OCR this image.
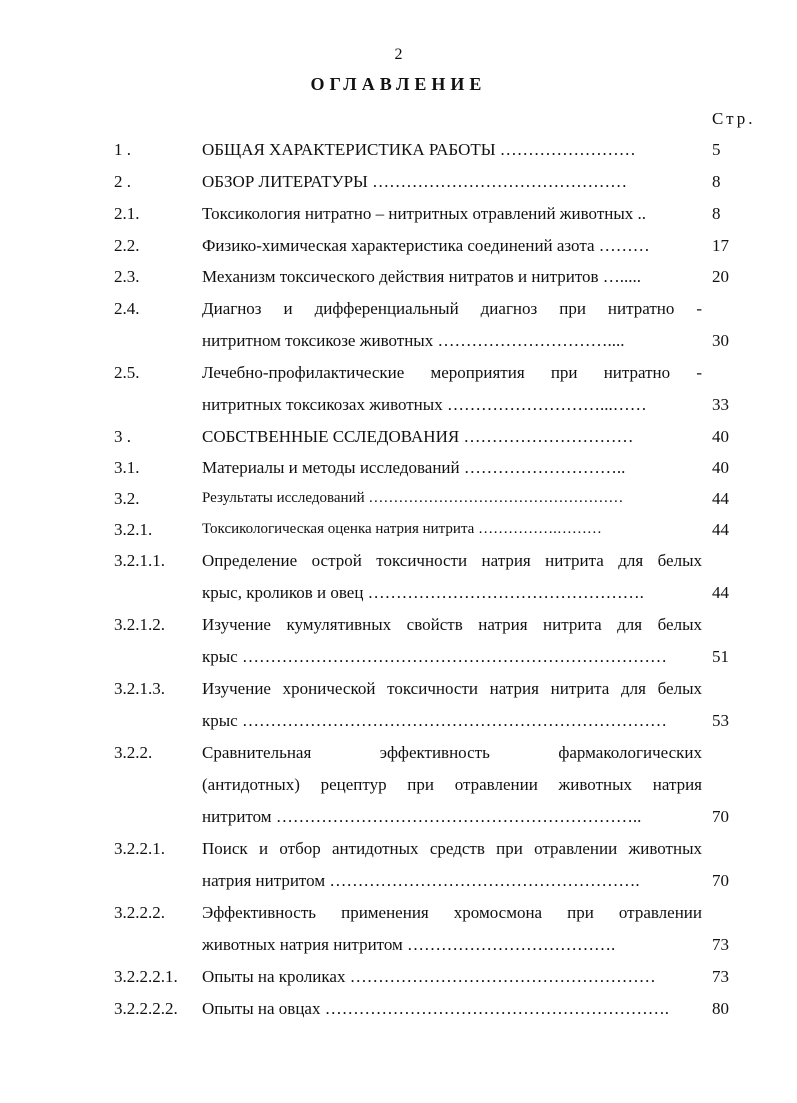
2
ОГЛАВЛЕНИЕ
Стр.
1 .	ОБЩАЯ ХАРАКТЕРИСТИКА РАБОТЫ ……………………	5
2 .	ОБЗОР ЛИТЕРАТУРЫ ………………………………………	8
2.1.	Токсикология нитратно – нитритных отравлений животных ..	8
2.2.	Физико-химическая характеристика соединений азота ………	17
2.3.	Механизм токсического действия нитратов и нитритов ….....	20
2.4.	Диагноз и дифференциальный диагноз при нитратно -
нитритном токсикозе животных …………………………....	30
2.5.	Лечебно-профилактические мероприятия при нитратно -
нитритных токсикозах животных ………………………...……	33
3 .	СОБСТВЕННЫЕ ССЛЕДОВАНИЯ …………………………	40
3.1.	Материалы и методы исследований ………………………..	40
3.2.	Результаты исследований ……………………………………………	44
3.2.1.	Токсикологическая оценка натрия нитрита …………….………	44
3.2.1.1. Определение острой токсичности натрия нитрита для белых
крыс, кроликов и овец ………………………………………….	44
3.2.1.2. Изучение кумулятивных свойств натрия нитрита для белых
крыс …………………………………………………………………	51
3.2.1.3. Изучение хронической токсичности натрия нитрита для белых
крыс …………………………………………………………………	53
3.2.2.	Сравнительная эффективность фармакологических
(антидотных) рецептур при отравлении животных натрия
нитритом ………………………………………………………..	70
3.2.2.1. Поиск и отбор антидотных средств при отравлении животных
натрия нитритом ……………………………………………….	70
3.2.2.2. Эффективность применения хромосмона при отравлении
животных натрия нитритом ……………………………….	73
3.2.2.2.1. Опыты на кроликах ………………………………………………	73
3.2.2.2.2. Опыты на овцах …………………………………………………….	80
